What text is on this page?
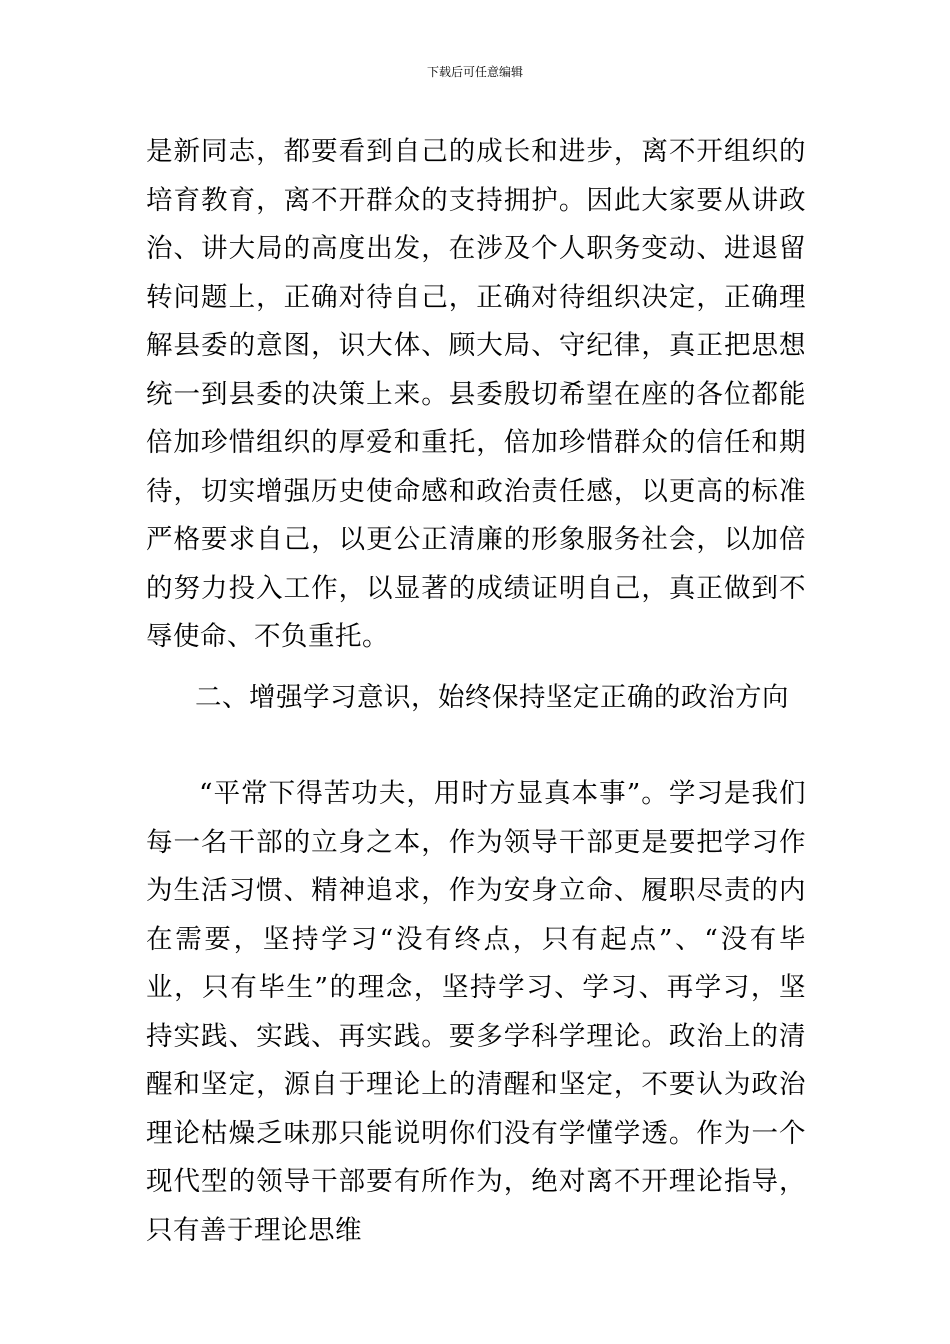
下载后可任意编辑

是新同志，都要看到自己的成长和进步，离不开组织的培育教育，离不开群众的支持拥护。因此大家要从讲政治、讲大局的高度出发，在涉及个人职务变动、进退留转问题上，正确对待自己，正确对待组织决定，正确理解县委的意图，识大体、顾大局、守纪律，真正把思想统一到县委的决策上来。县委殷切希望在座的各位都能倍加珍惜组织的厚爱和重托，倍加珍惜群众的信任和期待，切实增强历史使命感和政治责任感，以更高的标准严格要求自己，以更公正清廉的形象服务社会，以加倍的努力投入工作，以显著的成绩证明自己，真正做到不辱使命、不负重托。

二、增强学习意识，始终保持坚定正确的政治方向

“平常下得苦功夫，用时方显真本事”。学习是我们每一名干部的立身之本，作为领导干部更是要把学习作为生活习惯、精神追求，作为安身立命、履职尽责的内在需要，坚持学习“没有终点，只有起点”、“没有毕业，只有毕生”的理念，坚持学习、学习、再学习，坚持实践、实践、再实践。要多学科学理论。政治上的清醒和坚定，源自于理论上的清醒和坚定，不要认为政治理论枯燥乏味那只能说明你们没有学懂学透。作为一个现代型的领导干部要有所作为，绝对离不开理论指导，只有善于理论思维
